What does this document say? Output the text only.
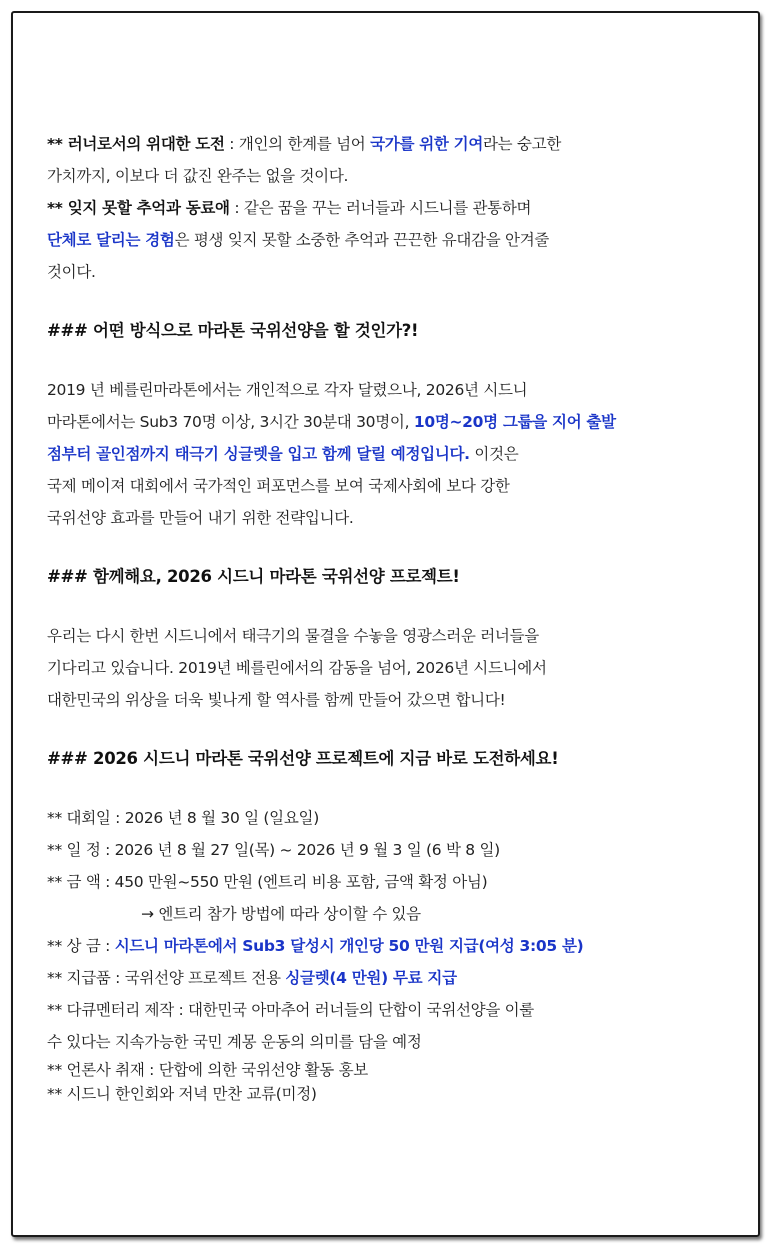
** 러너로서의 위대한 도전 : 개인의 한계를 넘어 국가를 위한 기여라는 숭고한
가치까지, 이보다 더 값진 완주는 없을 것이다.
** 잊지 못할 추억과 동료애 : 같은 꿈을 꾸는 러너들과 시드니를 관통하며
단체로 달리는 경험은 평생 잊지 못할 소중한 추억과 끈끈한 유대감을 안겨줄
것이다.
### 어떤 방식으로 마라톤 국위선양을 할 것인가?!
2019 년 베를린마라톤에서는 개인적으로 각자 달렸으나, 2026년 시드니
마라톤에서는 Sub3 70명 이상, 3시간 30분대 30명이, 10명~20명 그룹을 지어 출발
점부터 골인점까지 태극기 싱글렛을 입고 함께 달릴 예정입니다. 이것은
국제 메이져 대회에서 국가적인 퍼포먼스를 보여 국제사회에 보다 강한
국위선양 효과를 만들어 내기 위한 전략입니다.
### 함께해요, 2026 시드니 마라톤 국위선양 프로젝트!
우리는 다시 한번 시드니에서 태극기의 물결을 수놓을 영광스러운 러너들을
기다리고 있습니다. 2019년 베를린에서의 감동을 넘어, 2026년 시드니에서
대한민국의 위상을 더욱 빛나게 할 역사를 함께 만들어 갔으면 합니다!
### 2026 시드니 마라톤 국위선양 프로젝트에 지금 바로 도전하세요!
** 대회일 : 2026 년 8 월 30 일 (일요일)
** 일 정 : 2026 년 8 월 27 일(목) ~ 2026 년 9 월 3 일 (6 박 8 일)
** 금 액 : 450 만원~550 만원 (엔트리 비용 포함, 금액 확정 아님)
→ 엔트리 참가 방법에 따라 상이할 수 있음
** 상 금 : 시드니 마라톤에서 Sub3 달성시 개인당 50 만원 지급(여성 3:05 분)
** 지급품 : 국위선양 프로젝트 전용 싱글렛(4 만원) 무료 지급
** 다큐멘터리 제작 : 대한민국 아마추어 러너들의 단합이 국위선양을 이룰
수 있다는 지속가능한 국민 계몽 운동의 의미를 담을 예정
** 언론사 취재 : 단합에 의한 국위선양 활동 홍보
** 시드니 한인회와 저녁 만찬 교류(미정)
